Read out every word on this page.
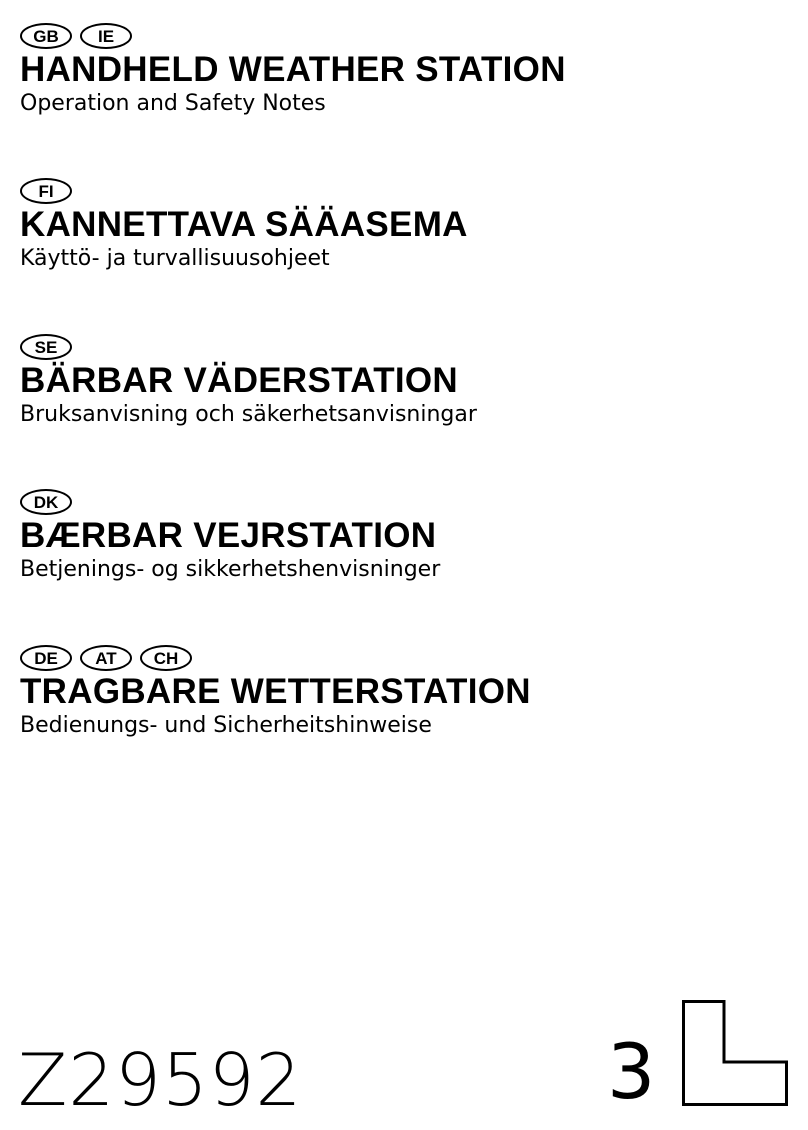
GB	IE
HANDHELD WEATHER STATION

Operation and Safety Notes

FI
KANNETTAVA SÄÄASEMA

Käyttö- ja turvallisuusohjeet

SE
BÄRBAR VÄDERSTATION

Bruksanvisning och säkerhetsanvisningar

DK
BÆRBAR VEJRSTATION

Betjenings- og sikkerhetshenvisninger

DE	AT	CH
TRAGBARE WETTERSTATION

Bedienungs- und Sicherheitshinweise

Z29592	3
